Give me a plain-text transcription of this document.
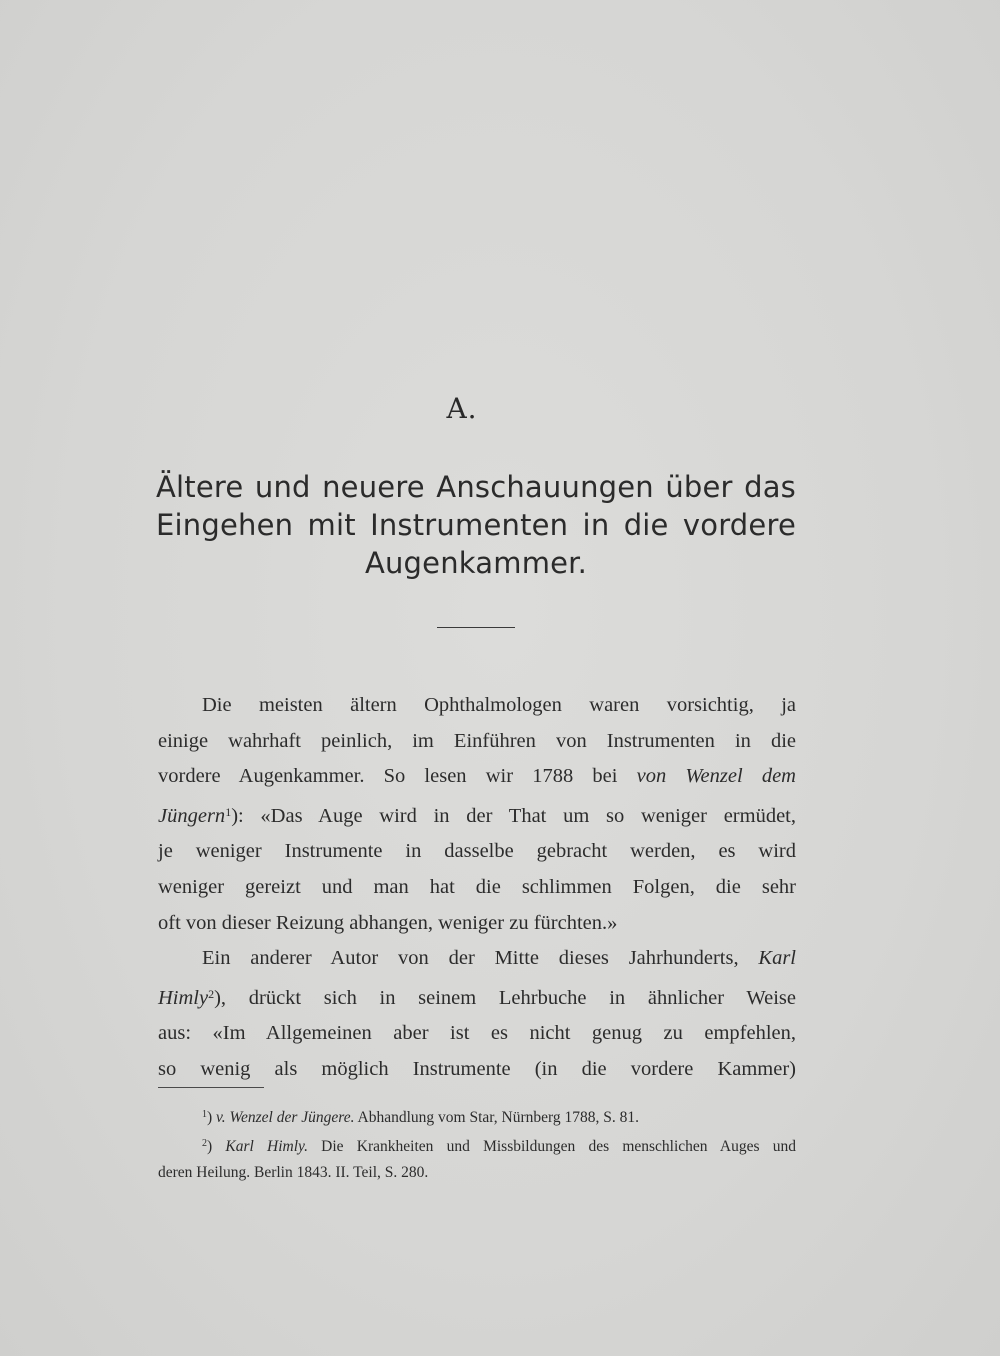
A.
Ältere und neuere Anschauungen über das
Eingehen mit Instrumenten in die vordere
Augenkammer.
Die meisten ältern Ophthalmologen waren vorsichtig, ja
einige wahrhaft peinlich, im Einführen von Instrumenten in die
vordere Augenkammer. So lesen wir 1788 bei von Wenzel dem
Jüngern$^1$): «Das Auge wird in der That um so weniger ermüdet,
je weniger Instrumente in dasselbe gebracht werden, es wird
weniger gereizt und man hat die schlimmen Folgen, die sehr
oft von dieser Reizung abhangen, weniger zu fürchten.»
Ein anderer Autor von der Mitte dieses Jahrhunderts, Karl
Himly$^2$), drückt sich in seinem Lehrbuche in ähnlicher Weise
aus: «Im Allgemeinen aber ist es nicht genug zu empfehlen,
so wenig als möglich Instrumente (in die vordere Kammer)
$^1$) v. Wenzel der Jüngere. Abhandlung vom Star, Nürnberg 1788, S. 81.
$^2$) Karl Himly. Die Krankheiten und Missbildungen des menschlichen Auges und
deren Heilung. Berlin 1843. II. Teil, S. 280.
